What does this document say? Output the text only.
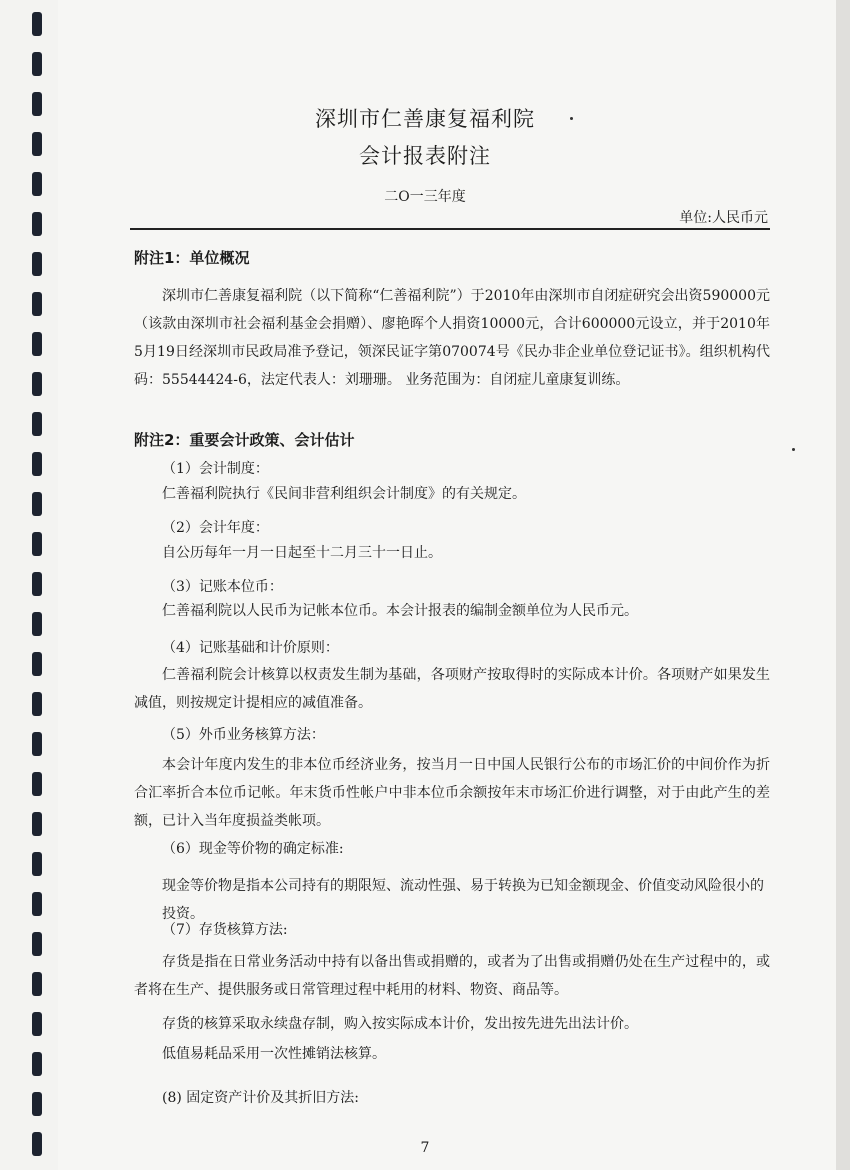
深圳市仁善康复福利院
会计报表附注
二O一三年度
单位:人民币元
附注1：单位概况
深圳市仁善康复福利院（以下简称“仁善福利院”）于2010年由深圳市自闭症研究会出资590000元（该款由深圳市社会福利基金会捐赠）、廖艳晖个人捐资10000元，合计600000元设立，并于2010年5月19日经深圳市民政局准予登记，领深民证字第070074号《民办非企业单位登记证书》。组织机构代码：55544424-6，法定代表人：刘珊珊。 业务范围为：自闭症儿童康复训练。
附注2：重要会计政策、会计估计
（1）会计制度：
仁善福利院执行《民间非营利组织会计制度》的有关规定。
（2）会计年度：
自公历每年一月一日起至十二月三十一日止。
（3）记账本位币：
仁善福利院以人民币为记帐本位币。本会计报表的编制金额单位为人民币元。
（4）记账基础和计价原则：
仁善福利院会计核算以权责发生制为基础，各项财产按取得时的实际成本计价。各项财产如果发生减值，则按规定计提相应的减值准备。
（5）外币业务核算方法：
本会计年度内发生的非本位币经济业务，按当月一日中国人民银行公布的市场汇价的中间价作为折合汇率折合本位币记帐。年末货币性帐户中非本位币余额按年末市场汇价进行调整，对于由此产生的差额，已计入当年度损益类帐项。
（6）现金等价物的确定标准:
现金等价物是指本公司持有的期限短、流动性强、易于转换为已知金额现金、价值变动风险很小的投资。
（7）存货核算方法:
存货是指在日常业务活动中持有以备出售或捐赠的，或者为了出售或捐赠仍处在生产过程中的，或者将在生产、提供服务或日常管理过程中耗用的材料、物资、商品等。
存货的核算采取永续盘存制，购入按实际成本计价，发出按先进先出法计价。
低值易耗品采用一次性摊销法核算。
(8) 固定资产计价及其折旧方法:
7
